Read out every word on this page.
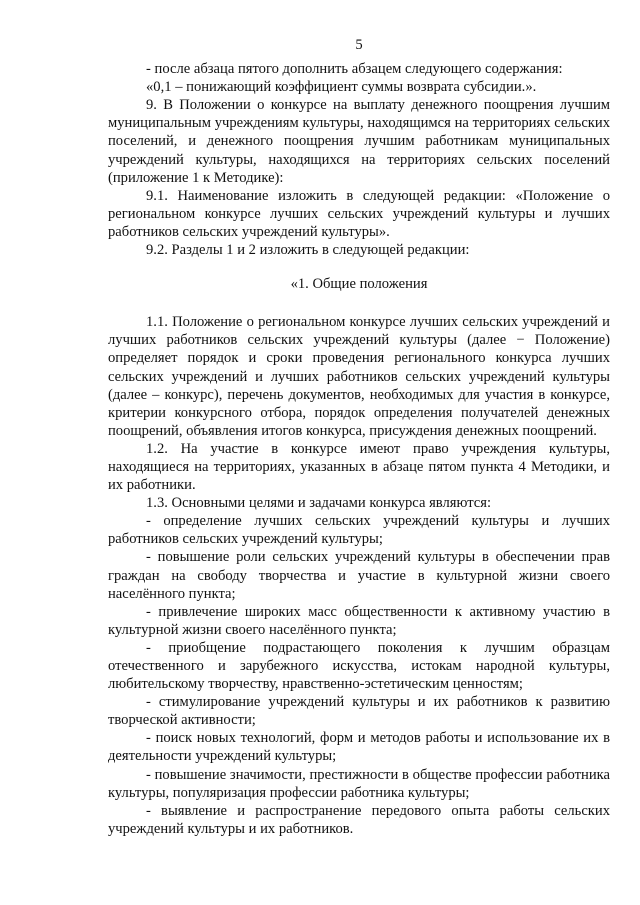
5

- после абзаца пятого дополнить абзацем следующего содержания:

«0,1 – понижающий коэффициент суммы возврата субсидии.».

9. В Положении о конкурсе на выплату денежного поощрения лучшим муниципальным учреждениям культуры, находящимся на территориях сельских поселений, и денежного поощрения лучшим работникам муниципальных учреждений культуры, находящихся на территориях сельских поселений (приложение 1 к Методике):

9.1. Наименование изложить в следующей редакции: «Положение о региональном конкурсе лучших сельских учреждений культуры и лучших работников сельских учреждений культуры».

9.2. Разделы 1 и 2 изложить в следующей редакции:

«1. Общие положения

1.1. Положение о региональном конкурсе лучших сельских учреждений и лучших работников сельских учреждений культуры (далее − Положение) определяет порядок и сроки проведения регионального конкурса лучших сельских учреждений и лучших работников сельских учреждений культуры (далее – конкурс), перечень документов, необходимых для участия в конкурсе, критерии конкурсного отбора, порядок определения получателей денежных поощрений, объявления итогов конкурса, присуждения денежных поощрений.

1.2. На участие в конкурсе имеют право учреждения культуры, находящиеся на территориях, указанных в абзаце пятом пункта 4 Методики, и их работники.

1.3. Основными целями и задачами конкурса являются:

- определение лучших сельских учреждений культуры и лучших работников сельских учреждений культуры;

- повышение роли сельских учреждений культуры в обеспечении прав граждан на свободу творчества и участие в культурной жизни своего населённого пункта;

- привлечение широких масс общественности к активному участию в культурной жизни своего населённого пункта;

- приобщение подрастающего поколения к лучшим образцам отечественного и зарубежного искусства, истокам народной культуры, любительскому творчеству, нравственно-эстетическим ценностям;

- стимулирование учреждений культуры и их работников к развитию творческой активности;

- поиск новых технологий, форм и методов работы и использование их в деятельности учреждений культуры;

- повышение значимости, престижности в обществе профессии работника культуры, популяризация профессии работника культуры;

- выявление и распространение передового опыта работы сельских учреждений культуры и их работников.
